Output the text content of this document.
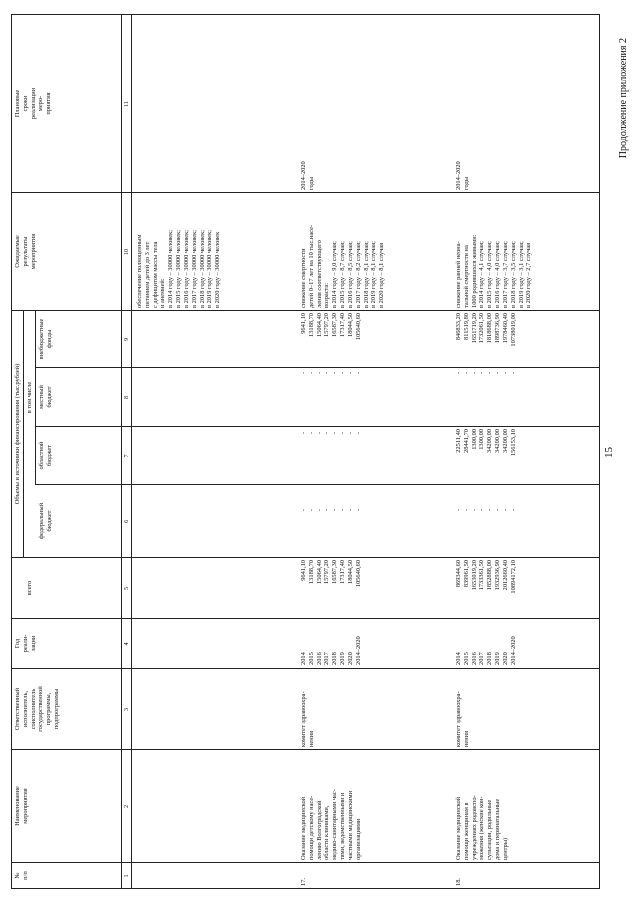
15
Продолжение приложения 2
№
п/п
Наименование
мероприятия
Ответственный
исполнитель,
соисполнитель
государственной
программы,
подпрограммы
Год
реали-
зации
Объемы и источники финансирования (тыс.рублей)
всего
в том числе
федеральный
бюджет
областной
бюджет
местный
бюджет
внебюджетные
фонды
Ожидаемые
результаты
мероприятия
Плановые
сроки
реализации
меро-
приятия
1
2
3
4
5
6
7
8
9
10
11
обеспечение полноценным
питанием детей до 3 лет
с дефицитом массы тела
и анемией:
в 2014 году – 30000 человек;
в 2015 году – 30000 человек;
в 2016 году – 30000 человек;
в 2017 году – 30000 человек;
в 2018 году – 30000 человек;
в 2019 году – 30000 человек;
в 2020 году – 30000 человек
17.
Оказание медицинской
помощи детскому насе-
лению Волгоградской
области клиниками,
медико-санитарными час-
тями, ведомственными и
частными медицинскими
организациями
комитет здравоохра-
нения
2014
2015
2016
2017
2018
2019
2020
2014–2020
9641,10
13188,70
15064,40
15797,20
16587,30
17317,40
18044,50
105640,60
-
-
-
-
-
-
-
-
-
-
-
-
-
-
-
-
-
-
-
-
-
-
-
-
9641,10
13188,70
15064,40
15797,20
16587,30
17317,40
18044,50
105640,60
снижение смертности
детей 0–17 лет на 10 тыс.насе-
ления соответствующего
возраста:
в 2014 году – 9,0 случая;
в 2015 году – 8,7 случая;
в 2016 году – 8,5 случая;
в 2017 году – 8,2 случая;
в 2018 году – 8,1 случая;
в 2019 году – 8,1 случая;
в 2020 году – 8,1 случая
2014–2020
годы
18.
Оказание медицинской
помощи женщинам в
учреждениях родовспо-
можения (женские кон-
сультации, родильные
дома и перинатальные
центры)
комитет здравоохра-
нения
2014
2015
2016
2017
2018
2019
2020
2014–2020
869344,60
839961,50
1653019,20
1733361,50
1852888,00
1932936,90
2012660,40
10894172,10
-
-
-
-
-
-
-
-
22511,40
28441,70
1300,00
1300,00
34200,00
34200,00
34200,00
156153,10
-
-
-
-
-
-
-
-
846833,20
811519,80
1651719,20
1732061,50
1818688,00
1898736,90
1978460,40
10738019,00
снижение ранней неона-
тальной смертности на
1000 родившихся живыми:
в 2014 году – 4,1 случая;
в 2015 году – 4,0 случая;
в 2016 году – 4,0 случая;
в 2017 году – 3,7 случая;
в 2018 году – 3,5 случая;
в 2019 году – 3,1 случая;
в 2020 году – 2,7 случая
2014–2020
годы
